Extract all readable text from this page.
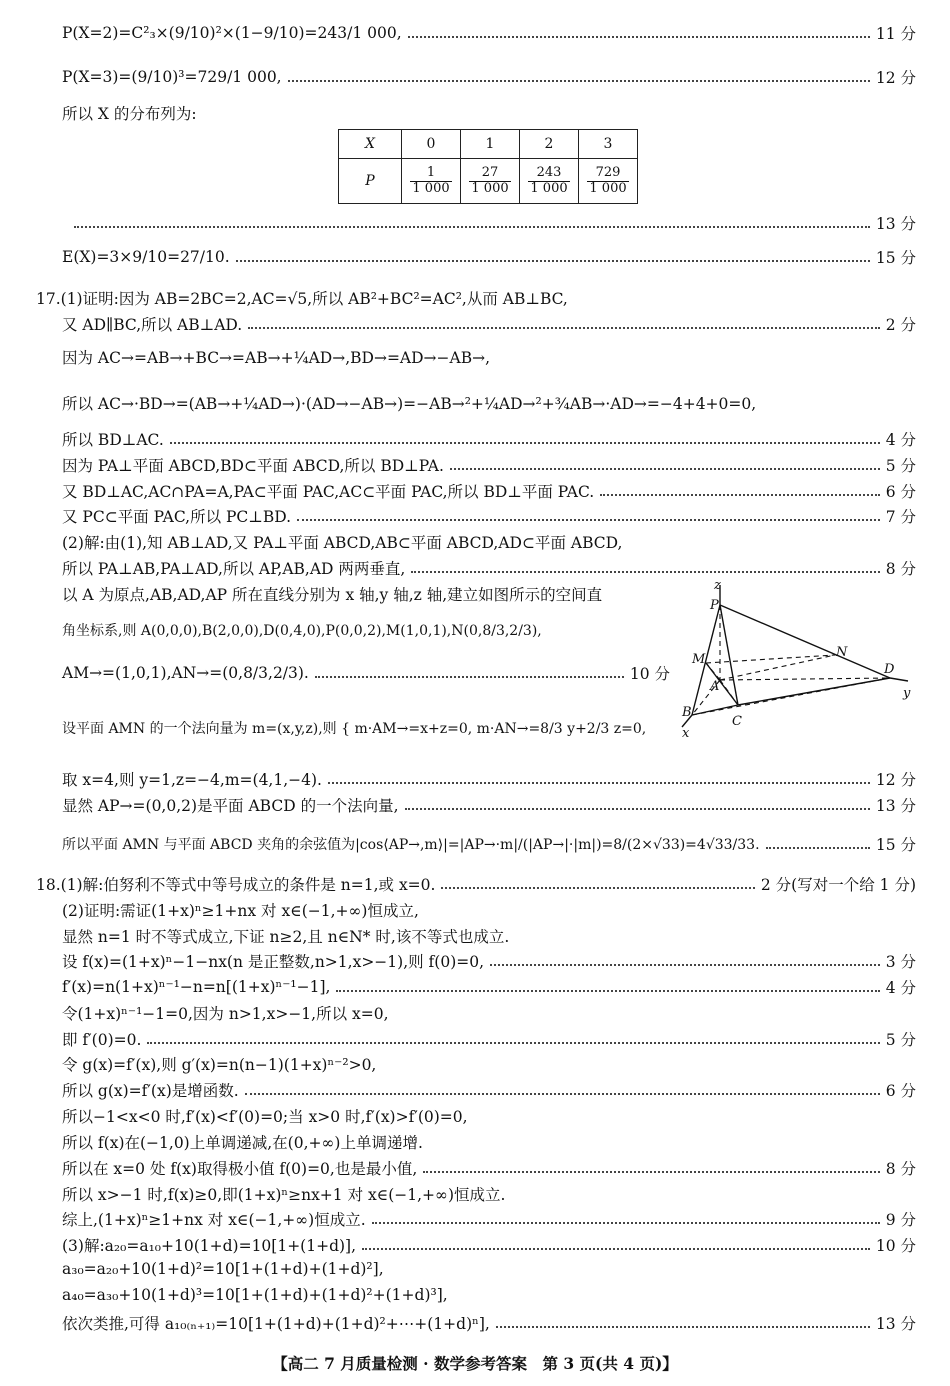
P(X=2)=C²₃×(9/10)²×(1−9/10)=243/1 000,	11 分
P(X=3)=(9/10)³=729/1 000,	12 分
所以 X 的分布列为:
X	0	1	2	3
P	$\frac{1}{1 000}$	$\frac{27}{1 000}$	$\frac{243}{1 000}$	$\frac{729}{1 000}$
13 分
E(X)=3×9/10=27/10.	15 分
17.(1)证明:因为 AB=2BC=2,AC=√5,所以 AB²+BC²=AC²,从而 AB⊥BC,
又 AD∥BC,所以 AB⊥AD.	2 分
因为 AC→=AB→+BC→=AB→+¼AD→,BD→=AD→−AB→,
所以 AC→·BD→=(AB→+¼AD→)·(AD→−AB→)=−AB→²+¼AD→²+¾AB→·AD→=−4+4+0=0,
所以 BD⊥AC.	4 分
因为 PA⊥平面 ABCD,BD⊂平面 ABCD,所以 BD⊥PA.	5 分
又 BD⊥AC,AC∩PA=A,PA⊂平面 PAC,AC⊂平面 PAC,所以 BD⊥平面 PAC.	6 分
又 PC⊂平面 PAC,所以 PC⊥BD.	7 分
(2)解:由(1),知 AB⊥AD,又 PA⊥平面 ABCD,AB⊂平面 ABCD,AD⊂平面 ABCD,
所以 PA⊥AB,PA⊥AD,所以 AP,AB,AD 两两垂直,	8 分
以 A 为原点,AB,AD,AP 所在直线分别为 x 轴,y 轴,z 轴,建立如图所示的空间直
角坐标系,则 A(0,0,0),B(2,0,0),D(0,4,0),P(0,0,2),M(1,0,1),N(0,8/3,2/3),
AM→=(1,0,1),AN→=(0,8/3,2/3).	10 分
设平面 AMN 的一个法向量为 m=(x,y,z),则 { m·AM→=x+z=0, m·AN→=8/3 y+2/3 z=0,
z
P
M
A
N
D
y
B
C
x
取 x=4,则 y=1,z=−4,m=(4,1,−4).	12 分
显然 AP→=(0,0,2)是平面 ABCD 的一个法向量,	13 分
所以平面 AMN 与平面 ABCD 夹角的余弦值为|cos⟨AP→,m⟩|=|AP→·m|/(|AP→|·|m|)=8/(2×√33)=4√33/33.	15 分
18.(1)解:伯努利不等式中等号成立的条件是 n=1,或 x=0.	2 分(写对一个给 1 分)
(2)证明:需证(1+x)ⁿ≥1+nx 对 x∈(−1,+∞)恒成立,
显然 n=1 时不等式成立,下证 n≥2,且 n∈N* 时,该不等式也成立.
设 f(x)=(1+x)ⁿ−1−nx(n 是正整数,n>1,x>−1),则 f(0)=0,	3 分
f′(x)=n(1+x)ⁿ⁻¹−n=n[(1+x)ⁿ⁻¹−1],	4 分
令(1+x)ⁿ⁻¹−1=0,因为 n>1,x>−1,所以 x=0,
即 f′(0)=0.	5 分
令 g(x)=f′(x),则 g′(x)=n(n−1)(1+x)ⁿ⁻²>0,
所以 g(x)=f′(x)是增函数.	6 分
所以−1<x<0 时,f′(x)<f′(0)=0;当 x>0 时,f′(x)>f′(0)=0,
所以 f(x)在(−1,0)上单调递减,在(0,+∞)上单调递增.
所以在 x=0 处 f(x)取得极小值 f(0)=0,也是最小值,	8 分
所以 x>−1 时,f(x)≥0,即(1+x)ⁿ≥nx+1 对 x∈(−1,+∞)恒成立.
综上,(1+x)ⁿ≥1+nx 对 x∈(−1,+∞)恒成立.	9 分
(3)解:a₂₀=a₁₀+10(1+d)=10[1+(1+d)],	10 分
a₃₀=a₂₀+10(1+d)²=10[1+(1+d)+(1+d)²],
a₄₀=a₃₀+10(1+d)³=10[1+(1+d)+(1+d)²+(1+d)³],
依次类推,可得 a₁₀₍ₙ₊₁₎=10[1+(1+d)+(1+d)²+⋯+(1+d)ⁿ],	13 分
【高二 7 月质量检测 · 数学参考答案　第 3 页(共 4 页)】
